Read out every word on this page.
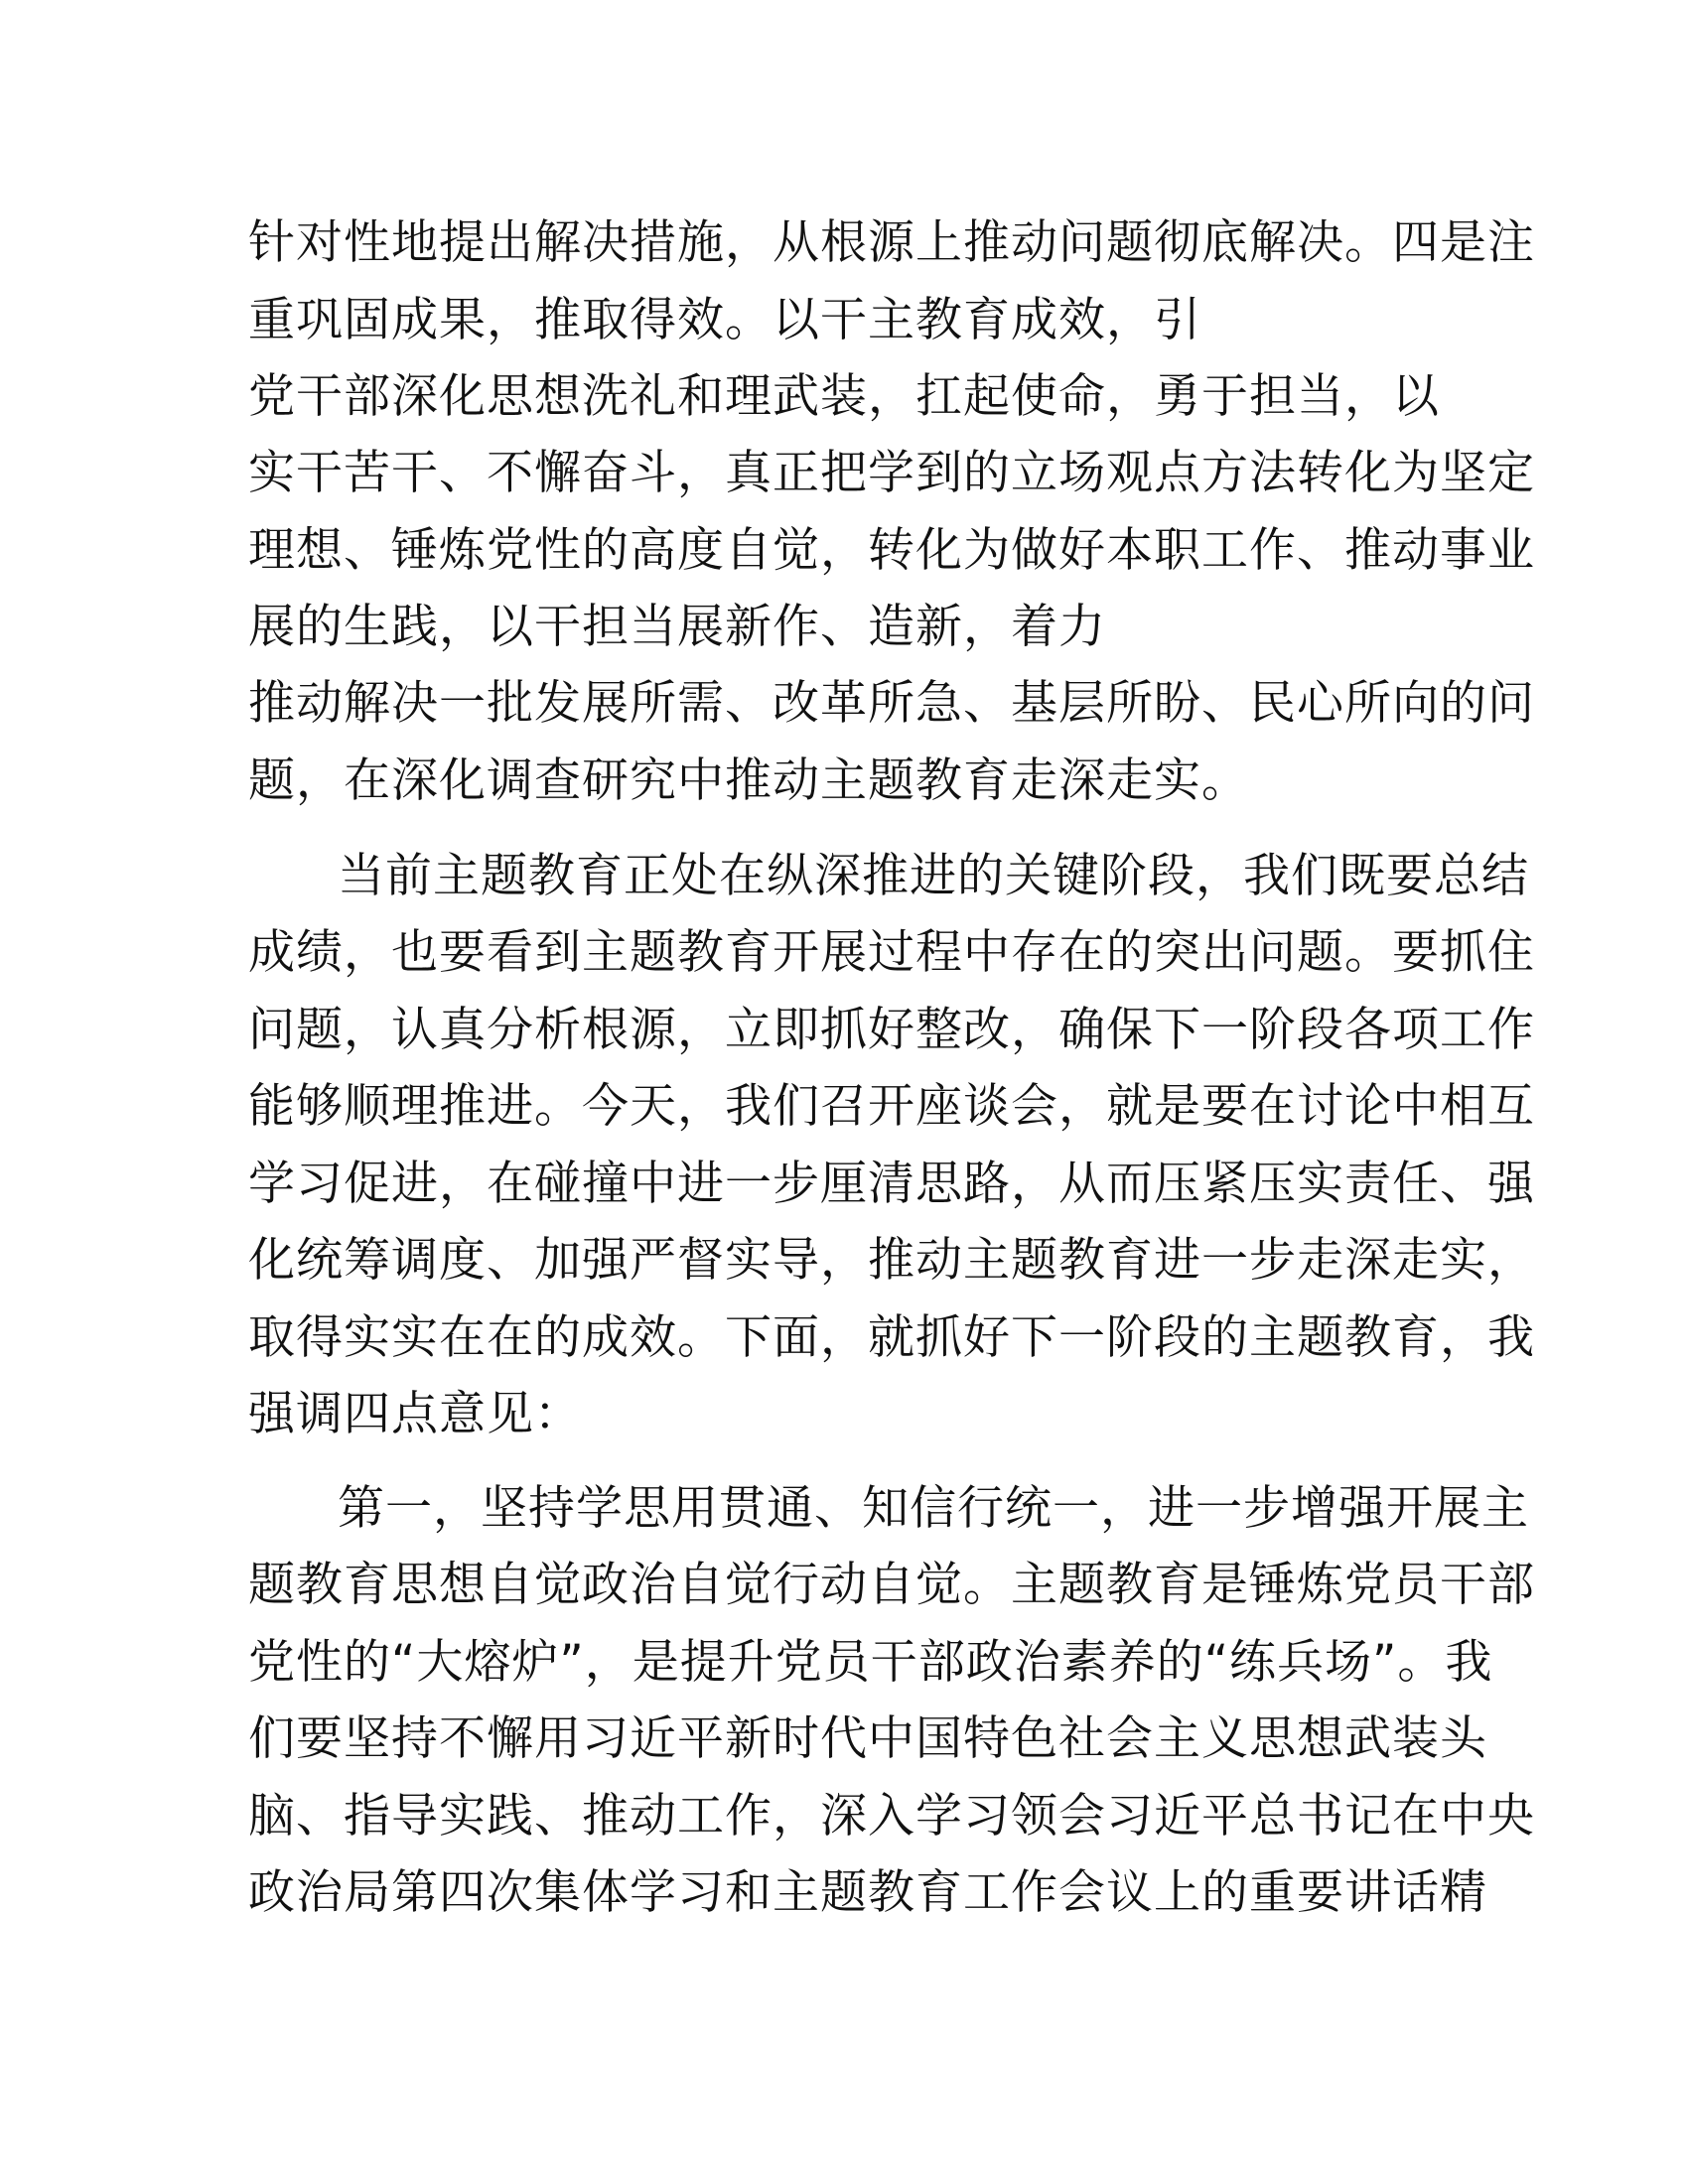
针对性地提出解决措施，从根源上推动问题彻底解决。四是注
重巩固成果，推取得效。以干主教育成效，引
党干部深化思想洗礼和理武装，扛起使命，勇于担当，以
实干苦干、不懈奋斗，真正把学到的立场观点方法转化为坚定
理想、锤炼党性的高度自觉，转化为做好本职工作、推动事业
展的生践，以干担当展新作、造新，着力
推动解决一批发展所需、改革所急、基层所盼、民心所向的问
题，在深化调查研究中推动主题教育走深走实。
当前主题教育正处在纵深推进的关键阶段，我们既要总结
成绩，也要看到主题教育开展过程中存在的突出问题。要抓住
问题，认真分析根源，立即抓好整改，确保下一阶段各项工作
能够顺理推进。今天，我们召开座谈会，就是要在讨论中相互
学习促进，在碰撞中进一步厘清思路，从而压紧压实责任、强
化统筹调度、加强严督实导，推动主题教育进一步走深走实，
取得实实在在的成效。下面，就抓好下一阶段的主题教育，我
强调四点意见：
第一，坚持学思用贯通、知信行统一，进一步增强开展主
题教育思想自觉政治自觉行动自觉。主题教育是锤炼党员干部
党性的“大熔炉”，是提升党员干部政治素养的“练兵场”。我
们要坚持不懈用习近平新时代中国特色社会主义思想武装头
脑、指导实践、推动工作，深入学习领会习近平总书记在中央
政治局第四次集体学习和主题教育工作会议上的重要讲话精
